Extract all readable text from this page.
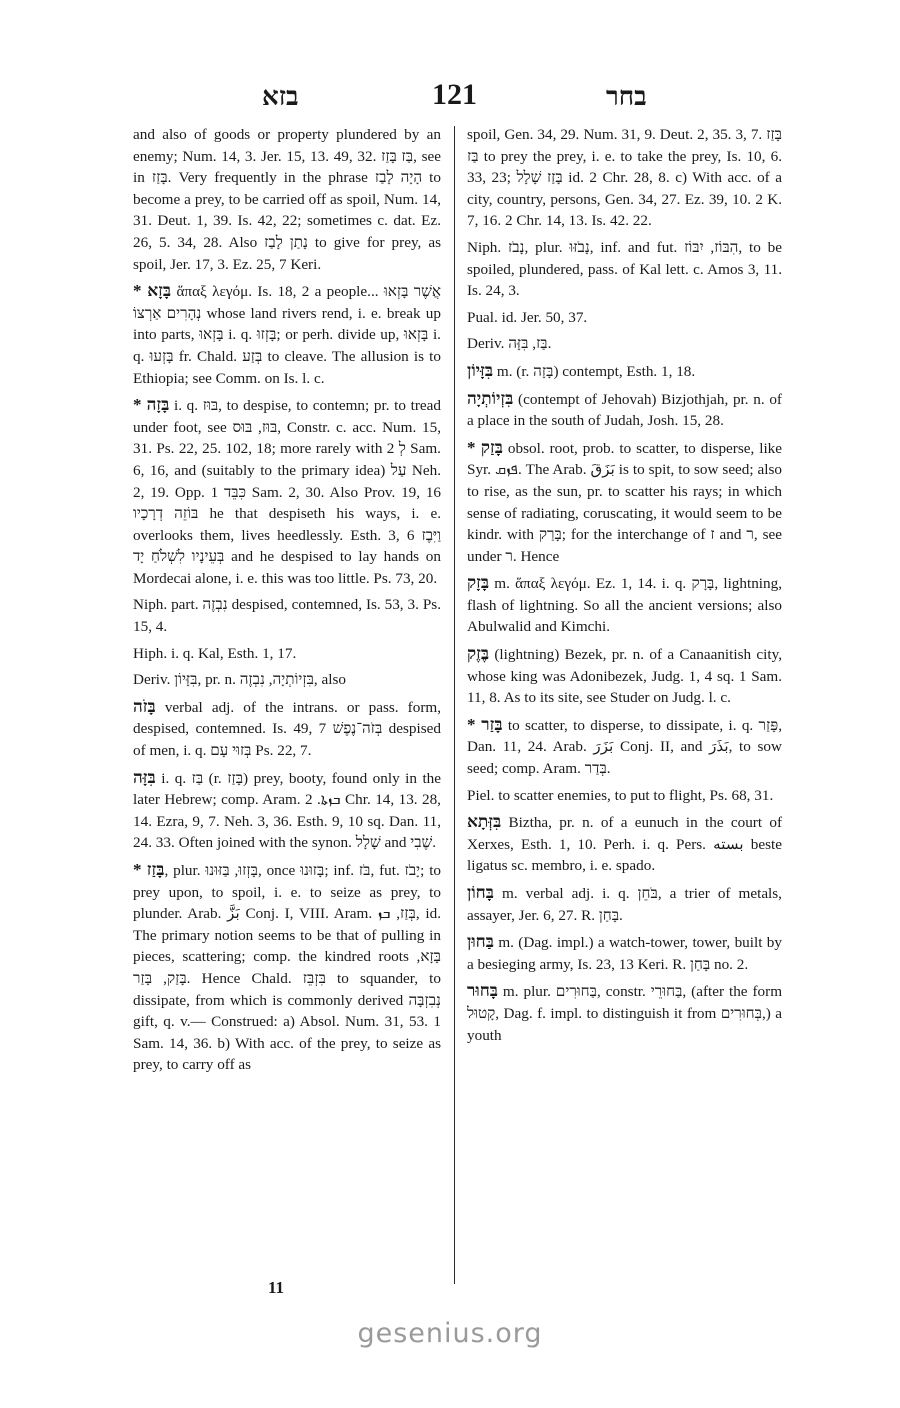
בזא	121	בחר

and also of goods or property plundered by an enemy; Num. 14, 3. Jer. 15, 13. 49, 32. בַּז בָּזַז, see in בָּזַז. Very frequently in the phrase הָיָה לָבַז to become a prey, to be carried off as spoil, Num. 14, 31. Deut. 1, 39. Is. 42, 22; sometimes c. dat. Ez. 26, 5. 34, 28. Also נָתַן לָבַז to give for prey, as spoil, Jer. 17, 3. Ez. 25, 7 Keri.

* בָּזָא ἅπαξ λεγόμ. Is. 18, 2 a people... אֲשֶׁר בָּזְאוּ נְהָרִים אַרְצוֹ whose land rivers rend, i. e. break up into parts, בָּזְאוּ i. q. בָּזְזוּ; or perh. divide up, בָּזְאוּ i. q. בָּזְעוּ fr. Chald. בְּזַע to cleave. The allusion is to Ethiopia; see Comm. on Is. l. c.

* בָּזָה i. q. בּוּז, to despise, to contemn; pr. to tread under foot, see בּוּז, בּוּס, Constr. c. acc. Num. 15, 31. Ps. 22, 25. 102, 18; more rarely with לְ 2 Sam. 6, 16, and (suitably to the primary idea) עַל Neh. 2, 19. Opp. כִּבֵּד 1 Sam. 2, 30. Also Prov. 19, 16 בּוֹזֵה דְרָכָיו he that despiseth his ways, i. e. overlooks them, lives heedlessly. Esth. 3, 6 וַיִּבֶז בְּעֵינָיו לִשְׁלֹחַ יָד and he despised to lay hands on Mordecai alone, i. e. this was too little. Ps. 73, 20.

Niph. part. נִבְזֶה despised, contemned, Is. 53, 3. Ps. 15, 4.

Hiph. i. q. Kal, Esth. 1, 17.

Deriv. בִּזָּיוֹן, pr. n. בִּזְיוֹתְיָה, נִבְזֶה, also

בָּזֹה verbal adj. of the intrans. or pass. form, despised, contemned. Is. 49, 7 בְּזֹה־נֶפֶשׁ despised of men, i. q. בְּזוּי עָם Ps. 22, 7.

בִּזָּה i. q. בַּז (r. בָּזַז) prey, booty, found only in the later Hebrew; comp. Aram. ܒܙܬܐ. 2 Chr. 14, 13. 28, 14. Ezra, 9, 7. Neh. 3, 36. Esth. 9, 10 sq. Dan. 11, 24. 33. Often joined with the synon. שָׁלָל and שֶׁבִי.

* בָּזַז, plur. בָּזְזוּ, בַּזּוּנוּ, once בָּזוּנוּ; inf. בֹּז, fut. יָבֹז; to prey upon, to spoil, i. e. to seize as prey, to plunder. Arab. بَزَّ Conj. I, VIII. Aram. בְּזַז, ܒܙ, id. The primary notion seems to be that of pulling in pieces, scattering; comp. the kindred roots בָּזָא, בָּזַק, בָּזַר. Hence Chald. בִּזְבֵּז to squander, to dissipate, from which is commonly derived נְבִזְבָּה gift, q. v.— Construed: a) Absol. Num. 31, 53. 1 Sam. 14, 36. b) With acc. of the prey, to seize as prey, to carry off as

spoil, Gen. 34, 29. Num. 31, 9. Deut. 2, 35. 3, 7. בָּזַז בַּז to prey the prey, i. e. to take the prey, Is. 10, 6. 33, 23; בָּזַז שָׁלָל id. 2 Chr. 28, 8. c) With acc. of a city, country, persons, Gen. 34, 27. Ez. 39, 10. 2 K. 7, 16. 2 Chr. 14, 13. Is. 42. 22.

Niph. נָבֹז, plur. נָבֹזּוּ, inf. and fut. הִבּוֹז, יִבּוֹז, to be spoiled, plundered, pass. of Kal lett. c. Amos 3, 11. Is. 24, 3.

Pual. id. Jer. 50, 37.

Deriv. בַּז, בִּזָּה.

בִּזָּיוֹן m. (r. בָּזָה) contempt, Esth. 1, 18.

בִּזְיוֹתְיָה (contempt of Jehovah) Bizjothjah, pr. n. of a place in the south of Judah, Josh. 15, 28.

* בָּזַק obsol. root, prob. to scatter, to disperse, like Syr. ܦܙܩ. The Arab. بَزَقَ is to spit, to sow seed; also to rise, as the sun, pr. to scatter his rays; in which sense of radiating, coruscating, it would seem to be kindr. with בָּרַק; for the interchange of ז and ר, see under ר. Hence

בָּזָק m. ἅπαξ λεγόμ. Ez. 1, 14. i. q. בָּרָק, lightning, flash of lightning. So all the ancient versions; also Abulwalid and Kimchi.

בֶּזֶק (lightning) Bezek, pr. n. of a Canaanitish city, whose king was Adonibezek, Judg. 1, 4 sq. 1 Sam. 11, 8. As to its site, see Studer on Judg. l. c.

* בָּזַר to scatter, to disperse, to dissipate, i. q. פָּזַר, Dan. 11, 24. Arab. بَزَرَ Conj. II, and بَذَرَ, to sow seed; comp. Aram. בְּדַר.

Piel. to scatter enemies, to put to flight, Ps. 68, 31.

בִּזְּתָא Biztha, pr. n. of a eunuch in the court of Xerxes, Esth. 1, 10. Perh. i. q. Pers. بسته beste ligatus sc. membro, i. e. spado.

בָּחוֹן m. verbal adj. i. q. בֹּחֵן, a trier of metals, assayer, Jer. 6, 27. R. בָּחַן.

בַּחוּן m. (Dag. impl.) a watch-tower, tower, built by a besieging army, Is. 23, 13 Keri. R. בָּחַן no. 2.

בָּחוּר m. plur. בַּחוּרִים, constr. בַּחוּרֵי, (after the form קָטוּל, Dag. f. impl. to distinguish it from בְּחוּרִים,) a youth

11
gesenius.org
